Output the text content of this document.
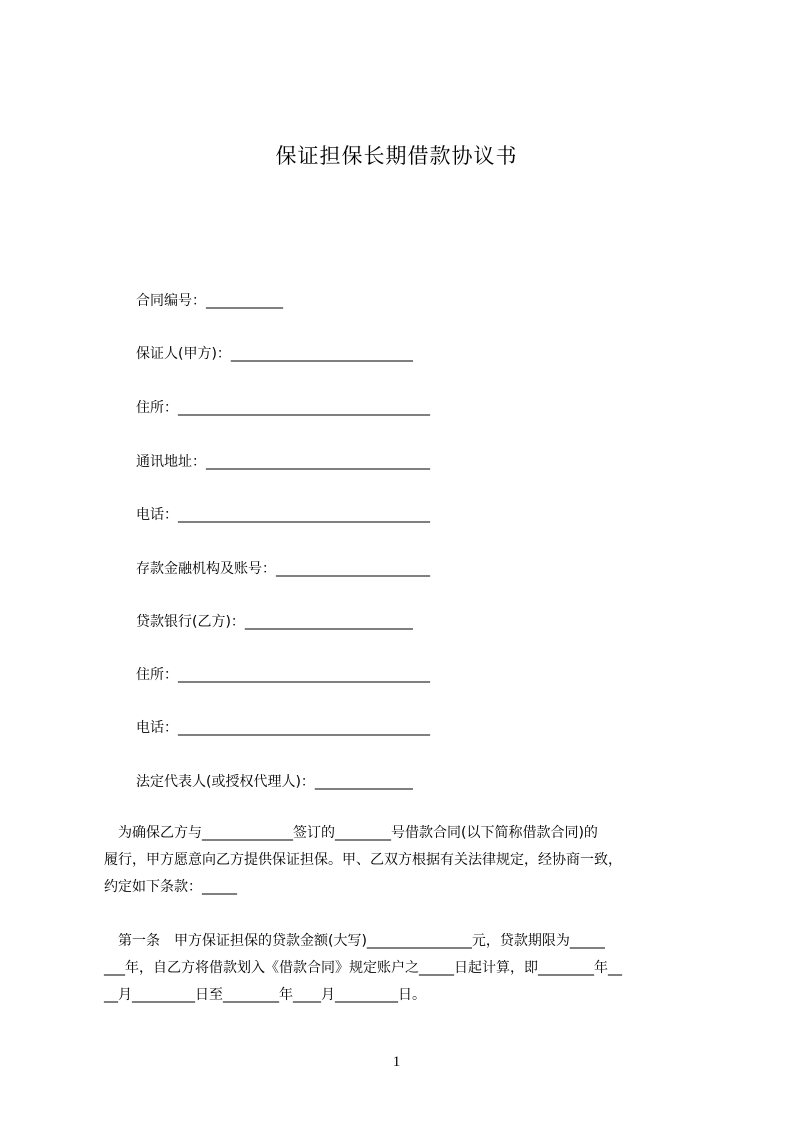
保证担保长期借款协议书
合同编号：___________
保证人(甲方)：__________________________
住所：____________________________________
通讯地址：________________________________
电话：____________________________________
存款金融机构及账号：______________________
贷款银行(乙方)：________________________
住所：____________________________________
电话：____________________________________
法定代表人(或授权代理人)：______________
　为确保乙方与_____________签订的________号借款合同(以下简称借款合同)的
履行，甲方愿意向乙方提供保证担保。甲、乙双方根据有关法律规定，经协商一致，
约定如下条款：_____
　第一条　甲方保证担保的贷款金额(大写)_______________元，贷款期限为_____
___年，自乙方将借款划入《借款合同》规定账户之_____日起计算，即________年__
__月_________日至________年____月_________日。
1
